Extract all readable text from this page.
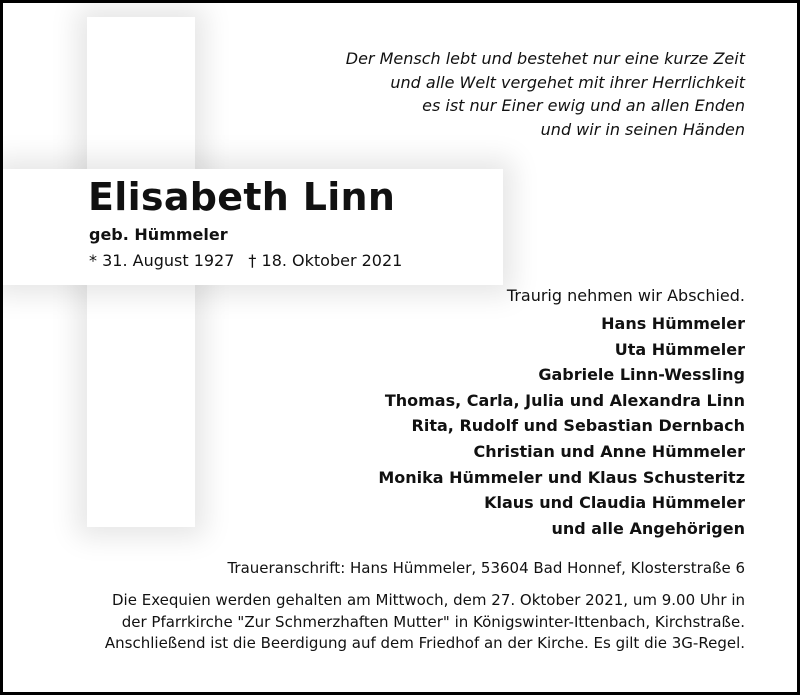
Der Mensch lebt und bestehet nur eine kurze Zeit
und alle Welt vergehet mit ihrer Herrlichkeit
es ist nur Einer ewig und an allen Enden
und wir in seinen Händen
Elisabeth Linn
geb. Hümmeler
* 31. August 1927 † 18. Oktober 2021
Traurig nehmen wir Abschied.
Hans Hümmeler
Uta Hümmeler
Gabriele Linn-Wessling
Thomas, Carla, Julia und Alexandra Linn
Rita, Rudolf und Sebastian Dernbach
Christian und Anne Hümmeler
Monika Hümmeler und Klaus Schusteritz
Klaus und Claudia Hümmeler
und alle Angehörigen
Traueranschrift: Hans Hümmeler, 53604 Bad Honnef, Klosterstraße 6
Die Exequien werden gehalten am Mittwoch, dem 27. Oktober 2021, um 9.00 Uhr in
der Pfarrkirche "Zur Schmerzhaften Mutter" in Königswinter-Ittenbach, Kirchstraße.
Anschließend ist die Beerdigung auf dem Friedhof an der Kirche. Es gilt die 3G-Regel.
